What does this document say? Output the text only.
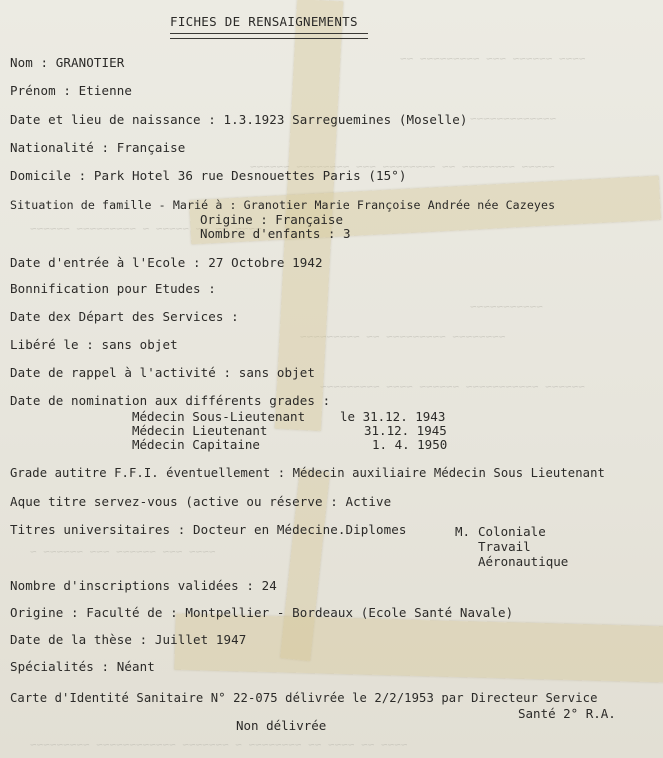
~~~~ ~~~~~~ ~~~ ~~~~~~~~~ ~~
~~~~~~~~~~~~~
~~~~~ ~~~~~~~~ ~~ ~~~~~~~~ ~~~ ~~~~~~~~ ~~~~~~
~~~~ ~~ ~~ ~~~~~ ~ ~~~~~~~~~ ~~~~~~
~~~~~~~~~~~
~~~~~~~~ ~~~~~~~~~ ~~ ~~~~~~~~~
~~~~~~ ~~~~~~~~~~~ ~~~~~~ ~~~~ ~~~~~~~~~
~~~~ ~~~ ~~~~~~ ~~~ ~~~~~~ ~
~~~~ ~~ ~~~~ ~~ ~~~~~~~~ ~ ~~~~~~~ ~~~~~~~~~~~~ ~~~~~~~~~
FICHES DE RENSAIGNEMENTS
Nom : GRANOTIER
Prénom : Etienne
Date et lieu de naissance : 1.3.1923 Sarreguemines (Moselle)
Nationalité : Française
Domicile : Park Hotel 36 rue Desnouettes Paris (15°)
Situation de famille - Marié à : Granotier Marie Françoise Andrée née Cazeyes
Origine : Française
Nombre d'enfants : 3
Date d'entrée à l'Ecole : 27 Octobre 1942
Bonnification pour Etudes :
Date dex Départ des Services :
Libéré le : sans objet
Date de rappel à l'activité : sans objet
Date de nomination aux différents grades :
Médecin Sous-Lieutenant	le 31.12. 1943
Médecin Lieutenant	31.12. 1945
Médecin Capitaine	1. 4. 1950
Grade autitre F.F.I. éventuellement : Médecin auxiliaire Médecin Sous Lieutenant
Aque titre servez-vous (active ou réserve : Active
Titres universitaires : Docteur en Médecine.Diplomes	M. Coloniale
Travail
Aéronautique
Nombre d'inscriptions validées : 24
Origine : Faculté de : Montpellier - Bordeaux (Ecole Santé Navale)
Date de la thèse : Juillet 1947
Spécialités : Néant
Carte d'Identité Sanitaire N° 22-075 délivrée le 2/2/1953 par Directeur Service
Santé 2° R.A.
Non délivrée
